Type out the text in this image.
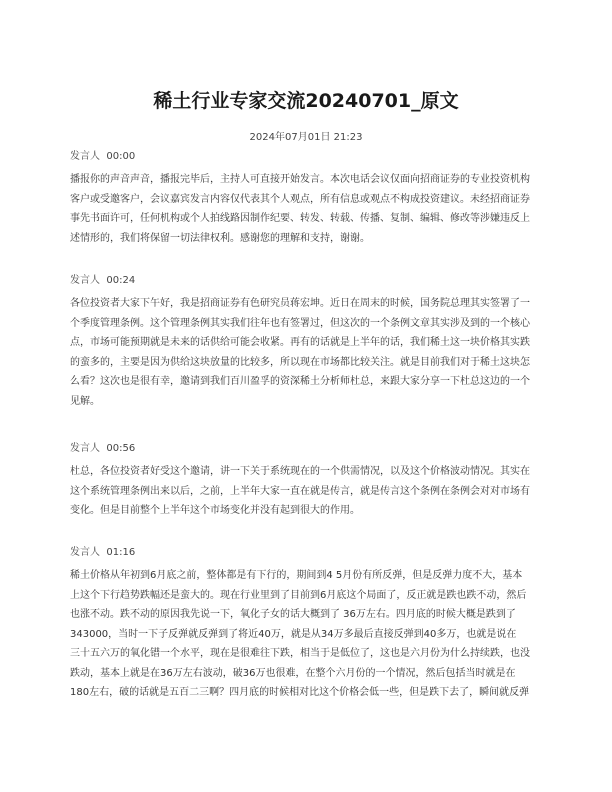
稀土行业专家交流20240701_原文
2024年07月01日 21:23
发言人 00:00
播报你的声音声音，播报完毕后，主持人可直接开始发言。本次电话会议仅面向招商证券的专业投资机构
客户或受邀客户，会议嘉宾发言内容仅代表其个人观点，所有信息或观点不构成投资建议。未经招商证券
事先书面许可，任何机构或个人拍线路因制作纪要、转发、转载、传播、复制、编辑、修改等涉嫌违反上
述情形的，我们将保留一切法律权利。感谢您的理解和支持，谢谢。
发言人 00:24
各位投资者大家下午好，我是招商证券有色研究员蒋宏坤。近日在周末的时候，国务院总理其实签署了一
个季度管理条例。这个管理条例其实我们往年也有签署过，但这次的一个条例文章其实涉及到的一个核心
点，市场可能预期就是未来的话供给可能会收紧。再有的话就是上半年的话，我们稀土这一块价格其实跌
的蛮多的，主要是因为供给这块放量的比较多，所以现在市场都比较关注。就是目前我们对于稀土这块怎
么看？这次也是很有幸，邀请到我们百川盈孚的资深稀土分析师杜总，来跟大家分享一下杜总这边的一个
见解。
发言人 00:56
杜总，各位投资者好受这个邀请，讲一下关于系统现在的一个供需情况，以及这个价格波动情况。其实在
这个系统管理条例出来以后，之前，上半年大家一直在就是传言，就是传言这个条例在条例会对对市场有
变化。但是目前整个上半年这个市场变化并没有起到很大的作用。
发言人 01:16
稀土价格从年初到6月底之前，整体都是有下行的，期间到4 5月份有所反弹，但是反弹力度不大，基本
上这个下行趋势跌幅还是蛮大的。现在行业里到了目前到6月底这个局面了，反正就是跌也跌不动，然后
也涨不动。跌不动的原因我先说一下，氧化子女的话大概到了 36万左右。四月底的时候大概是跌到了
343000，当时一下子反弹就反弹到了将近40万，就是从34万多最后直接反弹到40多万，也就是说在
三十五六万的氧化镨一个水平，现在是很难往下跌，相当于是低位了，这也是六月份为什么持续跌，也没
跌动，基本上就是在36万左右波动，破36万也很难，在整个六月份的一个情况，然后包括当时就是在
180左右，破的话就是五百二三啊？四月底的时候相对比这个价格会低一些，但是跌下去了，瞬间就反弹
